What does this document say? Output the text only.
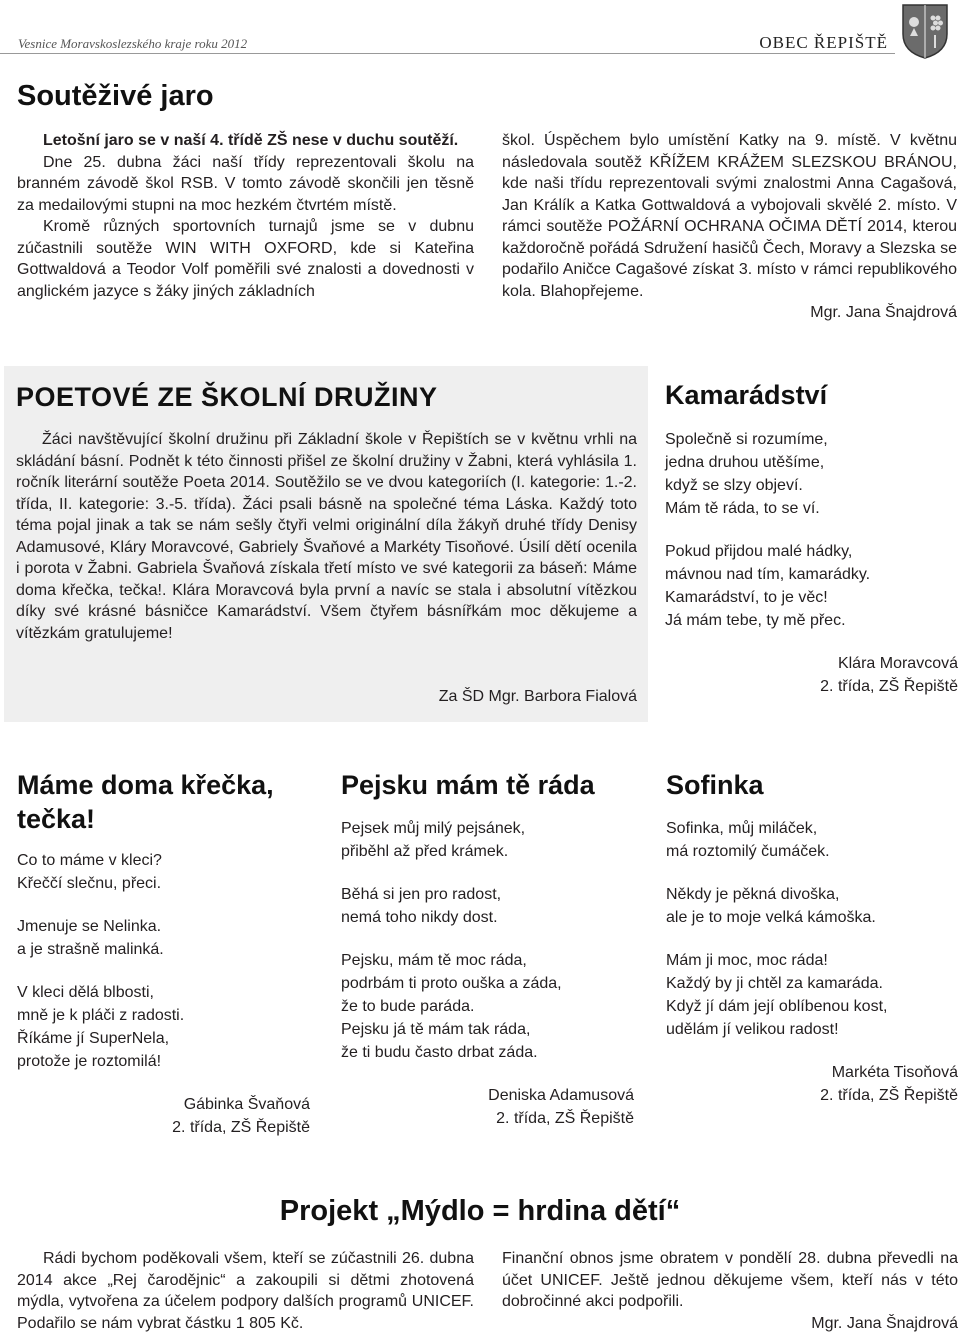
Vesnice Moravskoslezského kraje roku 2012	OBEC ŘEPIŠTĚ
Soutěživé jaro

Letošní jaro se v naší 4. třídě ZŠ nese v duchu soutěží.

Dne 25. dubna žáci naší třídy reprezentovali školu na branném závodě škol RSB. V tomto závodě skončili jen těsně za medailovými stupni na moc hezkém čtvrtém místě.

Kromě různých sportovních turnajů jsme se v dubnu zúčastnili soutěže WIN WITH OXFORD, kde si Kateřina Gottwaldová a Teodor Volf poměřili své znalosti a dovednosti v anglickém jazyce s žáky jiných základních

škol. Úspěchem bylo umístění Katky na 9. místě. V květnu následovala soutěž KŘÍŽEM KRÁŽEM SLEZSKOU BRÁNOU, kde naši třídu reprezentovali svými znalostmi Anna Cagašová, Jan Králík a Katka Gottwaldová a vybojovali skvělé 2. místo. V rámci soutěže POŽÁRNÍ OCHRANA OČIMA DĚTÍ 2014, kterou každoročně pořádá Sdružení hasičů Čech, Moravy a Slezska se podařilo Aničce Cagašové získat 3. místo v rámci republikového kola. Blahopřejeme.

Mgr. Jana Šnajdrová

POETOVÉ ZE ŠKOLNÍ DRUŽINY

Žáci navštěvující školní družinu při Základní škole v Řepištích se v květnu vrhli na skládání básní. Podnět k této činnosti přišel ze školní družiny v Žabni, která vyhlásila 1. ročník literární soutěže Poeta 2014. Soutěžilo se ve dvou kategoriích (I. kategorie: 1.-2. třída, II. kategorie: 3.-5. třída). Žáci psali básně na společné téma Láska. Každý toto téma pojal jinak a tak se nám sešly čtyři velmi originální díla žákyň druhé třídy Denisy Adamusové, Kláry Moravcové, Gabriely Švaňové a Markéty Tisoňové. Úsilí dětí ocenila i porota v Žabni. Gabriela Švaňová získala třetí místo ve své kategorii za báseň: Máme doma křečka, tečka!. Klára Moravcová byla první a navíc se stala i absolutní vítězkou díky své krásné básničce Kamarádství. Všem čtyřem básnířkám moc děkujeme a vítězkám gratulujeme!

Za ŠD Mgr. Barbora Fialová

Kamarádství
Společně si rozumíme,
jedna druhou utěšíme,
když se slzy objeví.
Mám tě ráda, to se ví.
Pokud přijdou malé hádky,
mávnou nad tím, kamarádky.
Kamarádství, to je věc!
Já mám tebe, ty mě přec.
Klára Moravcová
2. třída, ZŠ Řepiště
Máme doma křečka, tečka!
Co to máme v kleci?
Křeččí slečnu, přeci.
Jmenuje se Nelinka.
a je strašně malinká.
V kleci dělá blbosti,
mně je k pláči z radosti.
Říkáme jí SuperNela,
protože je roztomilá!
Gábinka Švaňová
2. třída, ZŠ Řepiště
Pejsku mám tě ráda
Pejsek můj milý pejsánek,
přiběhl až před krámek.
Běhá si jen pro radost,
nemá toho nikdy dost.
Pejsku, mám tě moc ráda,
podrbám ti proto ouška a záda,
že to bude paráda.
Pejsku já tě mám tak ráda,
že ti budu často drbat záda.
Deniska Adamusová
2. třída, ZŠ Řepiště
Sofinka
Sofinka, můj miláček,
má roztomilý čumáček.
Někdy je pěkná divoška,
ale je to moje velká kámoška.
Mám ji moc, moc ráda!
Každý by ji chtěl za kamaráda.
Když jí dám její oblíbenou kost,
udělám jí velikou radost!
Markéta Tisoňová
2. třída, ZŠ Řepiště
Projekt „Mýdlo = hrdina dětí“

Rádi bychom poděkovali všem, kteří se zúčastnili 26. dubna 2014 akce „Rej čarodějnic“ a zakoupili si dětmi zhotovená mýdla, vytvořena za účelem podpory dalších programů UNICEF. Podařilo se nám vybrat částku 1 805 Kč.

Finanční obnos jsme obratem v pondělí 28. dubna převedli na účet UNICEF. Ještě jednou děkujeme všem, kteří nás v této dobročinné akci podpořili.

Mgr. Jana Šnajdrová
